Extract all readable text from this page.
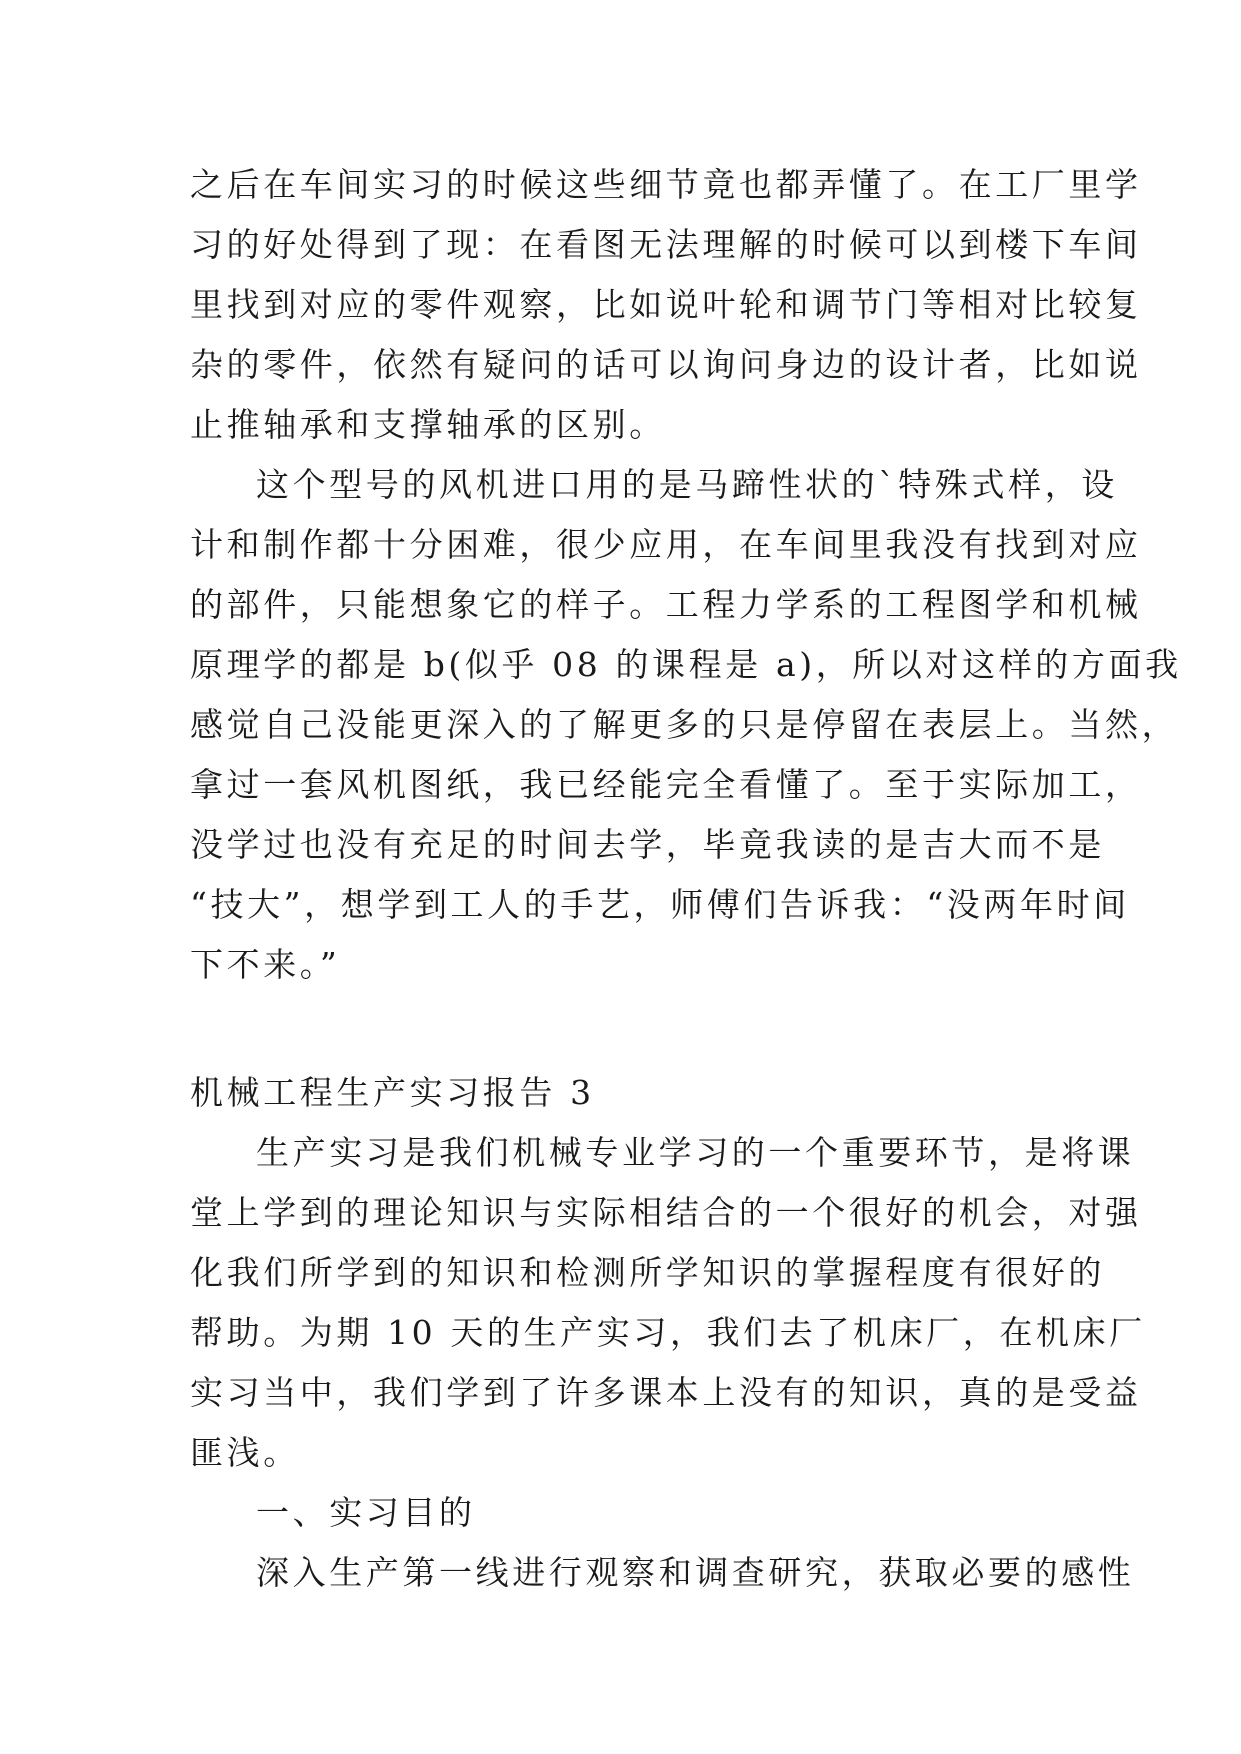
之后在车间实习的时候这些细节竟也都弄懂了。在工厂里学
习的好处得到了现：在看图无法理解的时候可以到楼下车间
里找到对应的零件观察，比如说叶轮和调节门等相对比较复
杂的零件，依然有疑问的话可以询问身边的设计者，比如说
止推轴承和支撑轴承的区别。
这个型号的风机进口用的是马蹄性状的`特殊式样，设
计和制作都十分困难，很少应用，在车间里我没有找到对应
的部件，只能想象它的样子。工程力学系的工程图学和机械
原理学的都是 b(似乎 08 的课程是 a)，所以对这样的方面我
感觉自己没能更深入的了解更多的只是停留在表层上。当然，
拿过一套风机图纸，我已经能完全看懂了。至于实际加工，
没学过也没有充足的时间去学，毕竟我读的是吉大而不是
“技大”，想学到工人的手艺，师傅们告诉我：“没两年时间
下不来。”
机械工程生产实习报告 3
生产实习是我们机械专业学习的一个重要环节，是将课
堂上学到的理论知识与实际相结合的一个很好的机会，对强
化我们所学到的知识和检测所学知识的掌握程度有很好的
帮助。为期 10 天的生产实习，我们去了机床厂，在机床厂
实习当中，我们学到了许多课本上没有的知识，真的是受益
匪浅。
一、实习目的
深入生产第一线进行观察和调查研究，获取必要的感性
